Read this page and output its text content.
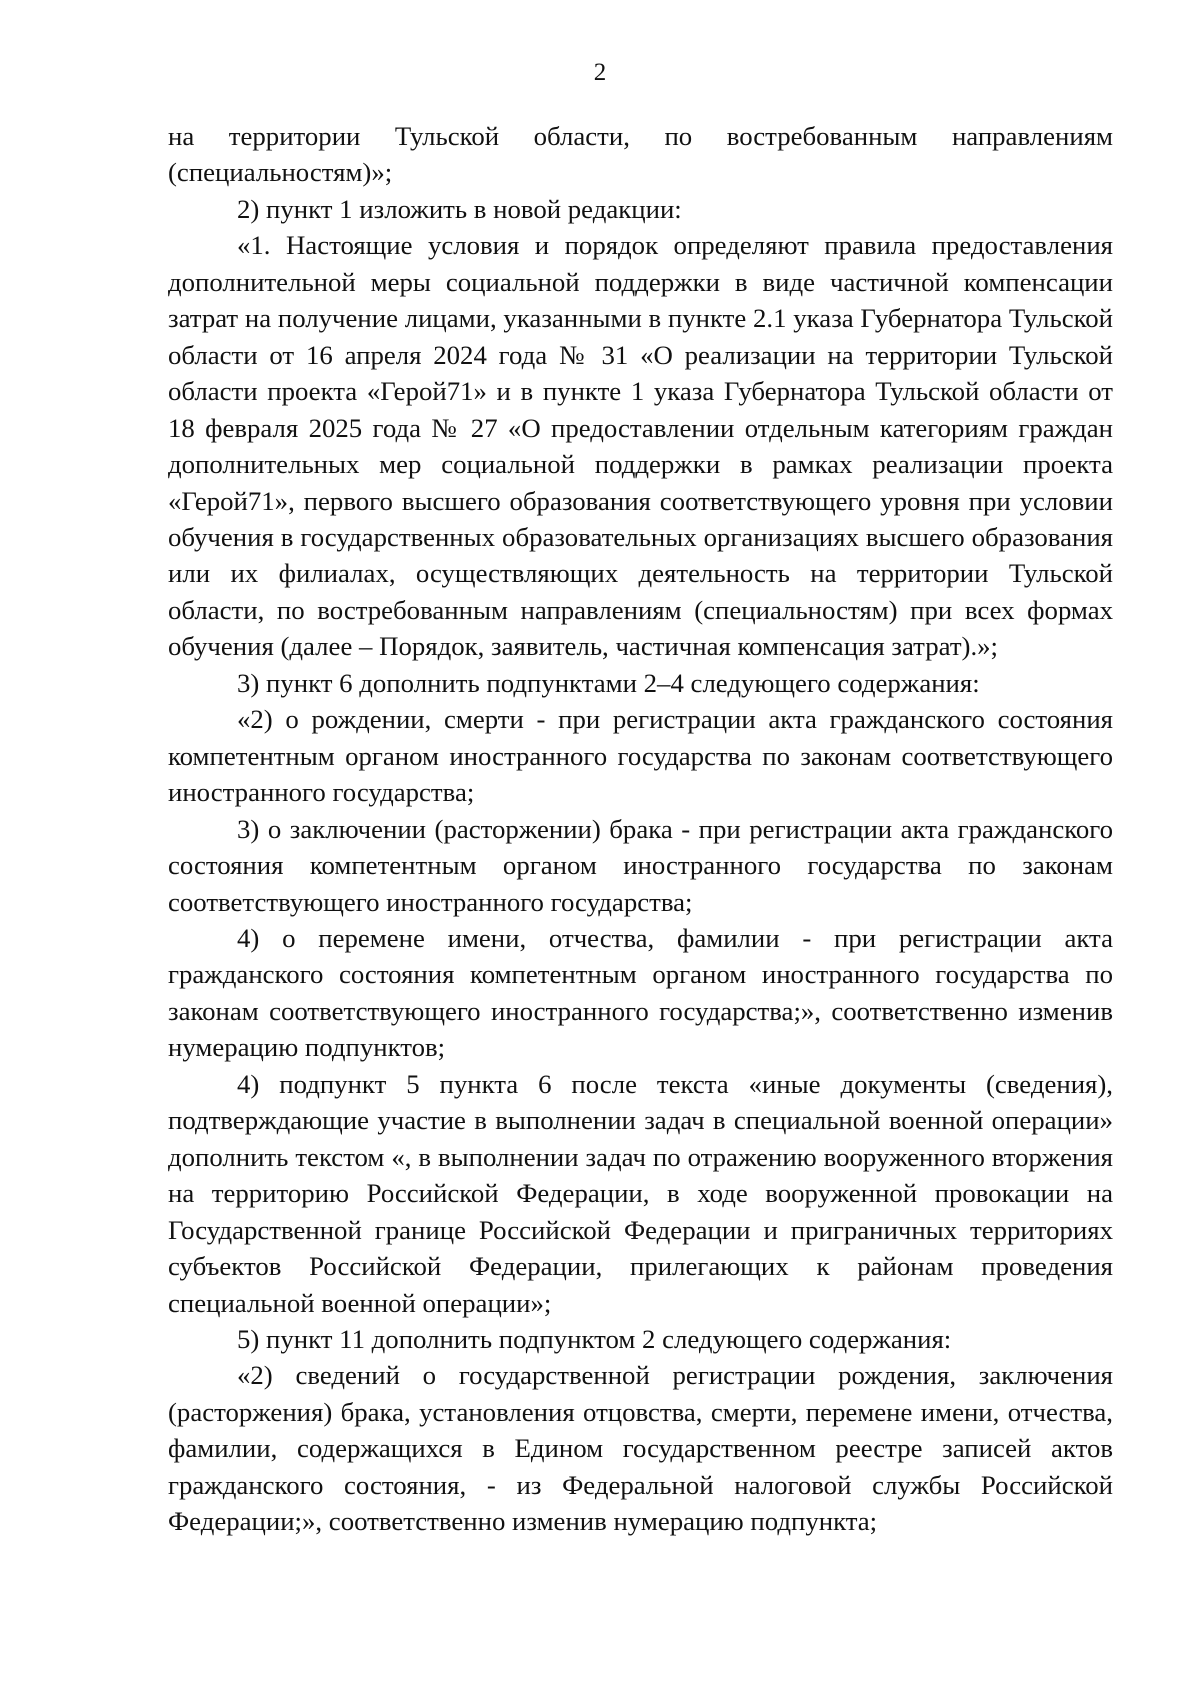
2

на территории Тульской области, по востребованным направлениям (специальностям)»;

2) пункт 1 изложить в новой редакции:

«1. Настоящие условия и порядок определяют правила предоставления дополнительной меры социальной поддержки в виде частичной компенсации затрат на получение лицами, указанными в пункте 2.1 указа Губернатора Тульской области от 16 апреля 2024 года № 31 «О реализации на территории Тульской области проекта «Герой71» и в пункте 1 указа Губернатора Тульской области от 18 февраля 2025 года № 27 «О предоставлении отдельным категориям граждан дополнительных мер социальной поддержки в рамках реализации проекта «Герой71», первого высшего образования соответствующего уровня при условии обучения в государственных образовательных организациях высшего образования или их филиалах, осуществляющих деятельность на территории Тульской области, по востребованным направлениям (специальностям) при всех формах обучения (далее – Порядок, заявитель, частичная компенсация затрат).»;

3) пункт 6 дополнить подпунктами 2–4 следующего содержания:

«2) о рождении, смерти - при регистрации акта гражданского состояния компетентным органом иностранного государства по законам соответствующего иностранного государства;

3) о заключении (расторжении) брака - при регистрации акта гражданского состояния компетентным органом иностранного государства по законам соответствующего иностранного государства;

4) о перемене имени, отчества, фамилии - при регистрации акта гражданского состояния компетентным органом иностранного государства по законам соответствующего иностранного государства;», соответственно изменив нумерацию подпунктов;

4) подпункт 5 пункта 6 после текста «иные документы (сведения), подтверждающие участие в выполнении задач в специальной военной операции» дополнить текстом «, в выполнении задач по отражению вооруженного вторжения на территорию Российской Федерации, в ходе вооруженной провокации на Государственной границе Российской Федерации и приграничных территориях субъектов Российской Федерации, прилегающих к районам проведения специальной военной операции»;

5) пункт 11 дополнить подпунктом 2 следующего содержания:

«2) сведений о государственной регистрации рождения, заключения (расторжения) брака, установления отцовства, смерти, перемене имени, отчества, фамилии, содержащихся в Едином государственном реестре записей актов гражданского состояния, - из Федеральной налоговой службы Российской Федерации;», соответственно изменив нумерацию подпункта;
